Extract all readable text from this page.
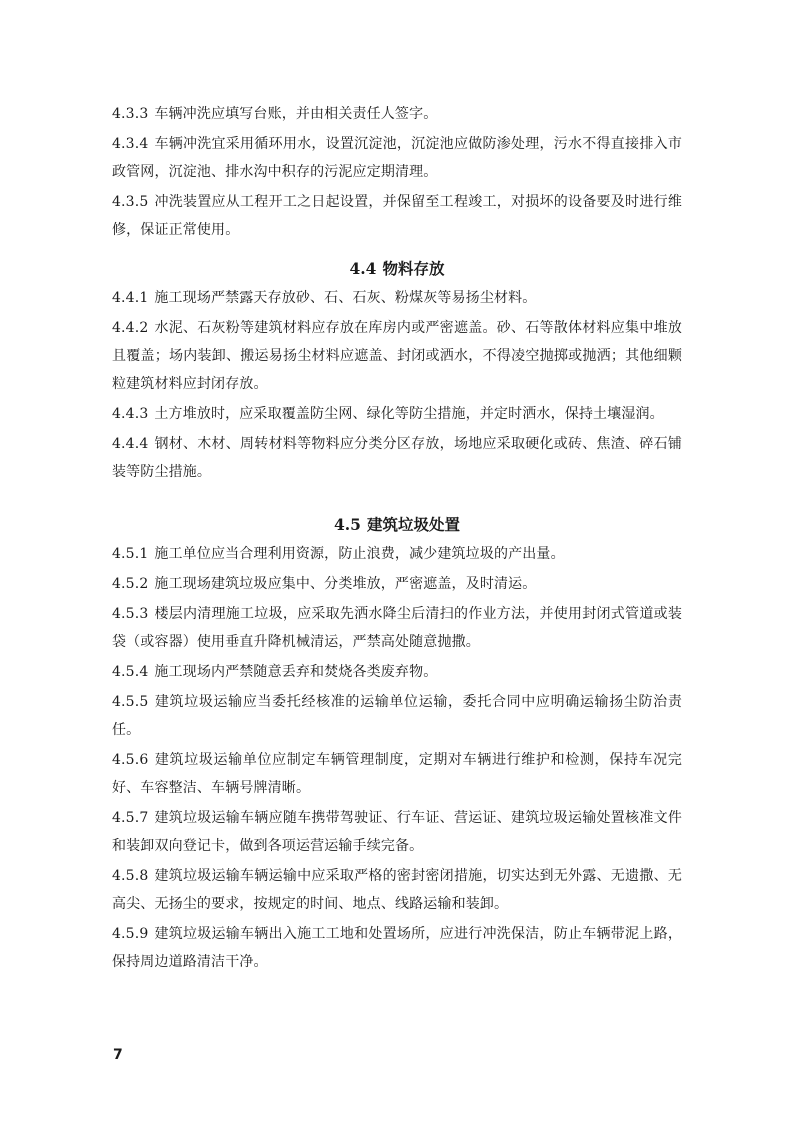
4.3.3 车辆冲洗应填写台账，并由相关责任人签字。

4.3.4 车辆冲洗宜采用循环用水，设置沉淀池，沉淀池应做防渗处理，污水不得直接排入市政管网，沉淀池、排水沟中积存的污泥应定期清理。

4.3.5 冲洗装置应从工程开工之日起设置，并保留至工程竣工，对损坏的设备要及时进行维修，保证正常使用。

4.4 物料存放

4.4.1 施工现场严禁露天存放砂、石、石灰、粉煤灰等易扬尘材料。

4.4.2 水泥、石灰粉等建筑材料应存放在库房内或严密遮盖。砂、石等散体材料应集中堆放且覆盖；场内装卸、搬运易扬尘材料应遮盖、封闭或洒水，不得凌空抛掷或抛洒；其他细颗粒建筑材料应封闭存放。

4.4.3 土方堆放时，应采取覆盖防尘网、绿化等防尘措施，并定时洒水，保持土壤湿润。

4.4.4 钢材、木材、周转材料等物料应分类分区存放，场地应采取硬化或砖、焦渣、碎石铺装等防尘措施。

4.5 建筑垃圾处置

4.5.1 施工单位应当合理利用资源，防止浪费，减少建筑垃圾的产出量。

4.5.2 施工现场建筑垃圾应集中、分类堆放，严密遮盖，及时清运。

4.5.3 楼层内清理施工垃圾，应采取先洒水降尘后清扫的作业方法，并使用封闭式管道或装袋（或容器）使用垂直升降机械清运，严禁高处随意抛撒。

4.5.4 施工现场内严禁随意丢弃和焚烧各类废弃物。

4.5.5 建筑垃圾运输应当委托经核准的运输单位运输，委托合同中应明确运输扬尘防治责任。

4.5.6 建筑垃圾运输单位应制定车辆管理制度，定期对车辆进行维护和检测，保持车况完好、车容整洁、车辆号牌清晰。

4.5.7 建筑垃圾运输车辆应随车携带驾驶证、行车证、营运证、建筑垃圾运输处置核准文件和装卸双向登记卡，做到各项运营运输手续完备。

4.5.8 建筑垃圾运输车辆运输中应采取严格的密封密闭措施，切实达到无外露、无遗撒、无高尖、无扬尘的要求，按规定的时间、地点、线路运输和装卸。

4.5.9 建筑垃圾运输车辆出入施工工地和处置场所，应进行冲洗保洁，防止车辆带泥上路，保持周边道路清洁干净。

7
